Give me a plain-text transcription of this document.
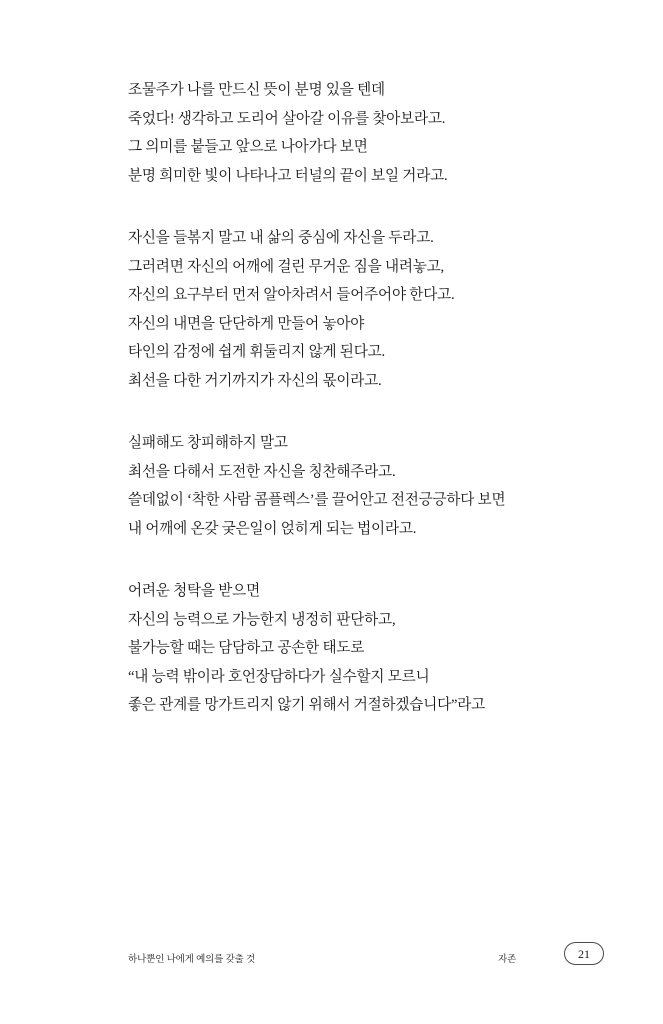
조물주가 나를 만드신 뜻이 분명 있을 텐데
죽었다! 생각하고 도리어 살아갈 이유를 찾아보라고.
그 의미를 붙들고 앞으로 나아가다 보면
분명 희미한 빛이 나타나고 터널의 끝이 보일 거라고.
자신을 들볶지 말고 내 삶의 중심에 자신을 두라고.
그러려면 자신의 어깨에 걸린 무거운 짐을 내려놓고,
자신의 요구부터 먼저 알아차려서 들어주어야 한다고.
자신의 내면을 단단하게 만들어 놓아야
타인의 감정에 쉽게 휘둘리지 않게 된다고.
최선을 다한 거기까지가 자신의 몫이라고.
실패해도 창피해하지 말고
최선을 다해서 도전한 자신을 칭찬해주라고.
쓸데없이 ‘착한 사람 콤플렉스’를 끌어안고 전전긍긍하다 보면
내 어깨에 온갖 궂은일이 얹히게 되는 법이라고.
어려운 청탁을 받으면
자신의 능력으로 가능한지 냉정히 판단하고,
불가능할 때는 담담하고 공손한 태도로
“내 능력 밖이라 호언장담하다가 실수할지 모르니
좋은 관계를 망가트리지 않기 위해서 거절하겠습니다”라고
하나뿐인 나에게 예의를 갖출 것	자존	21
